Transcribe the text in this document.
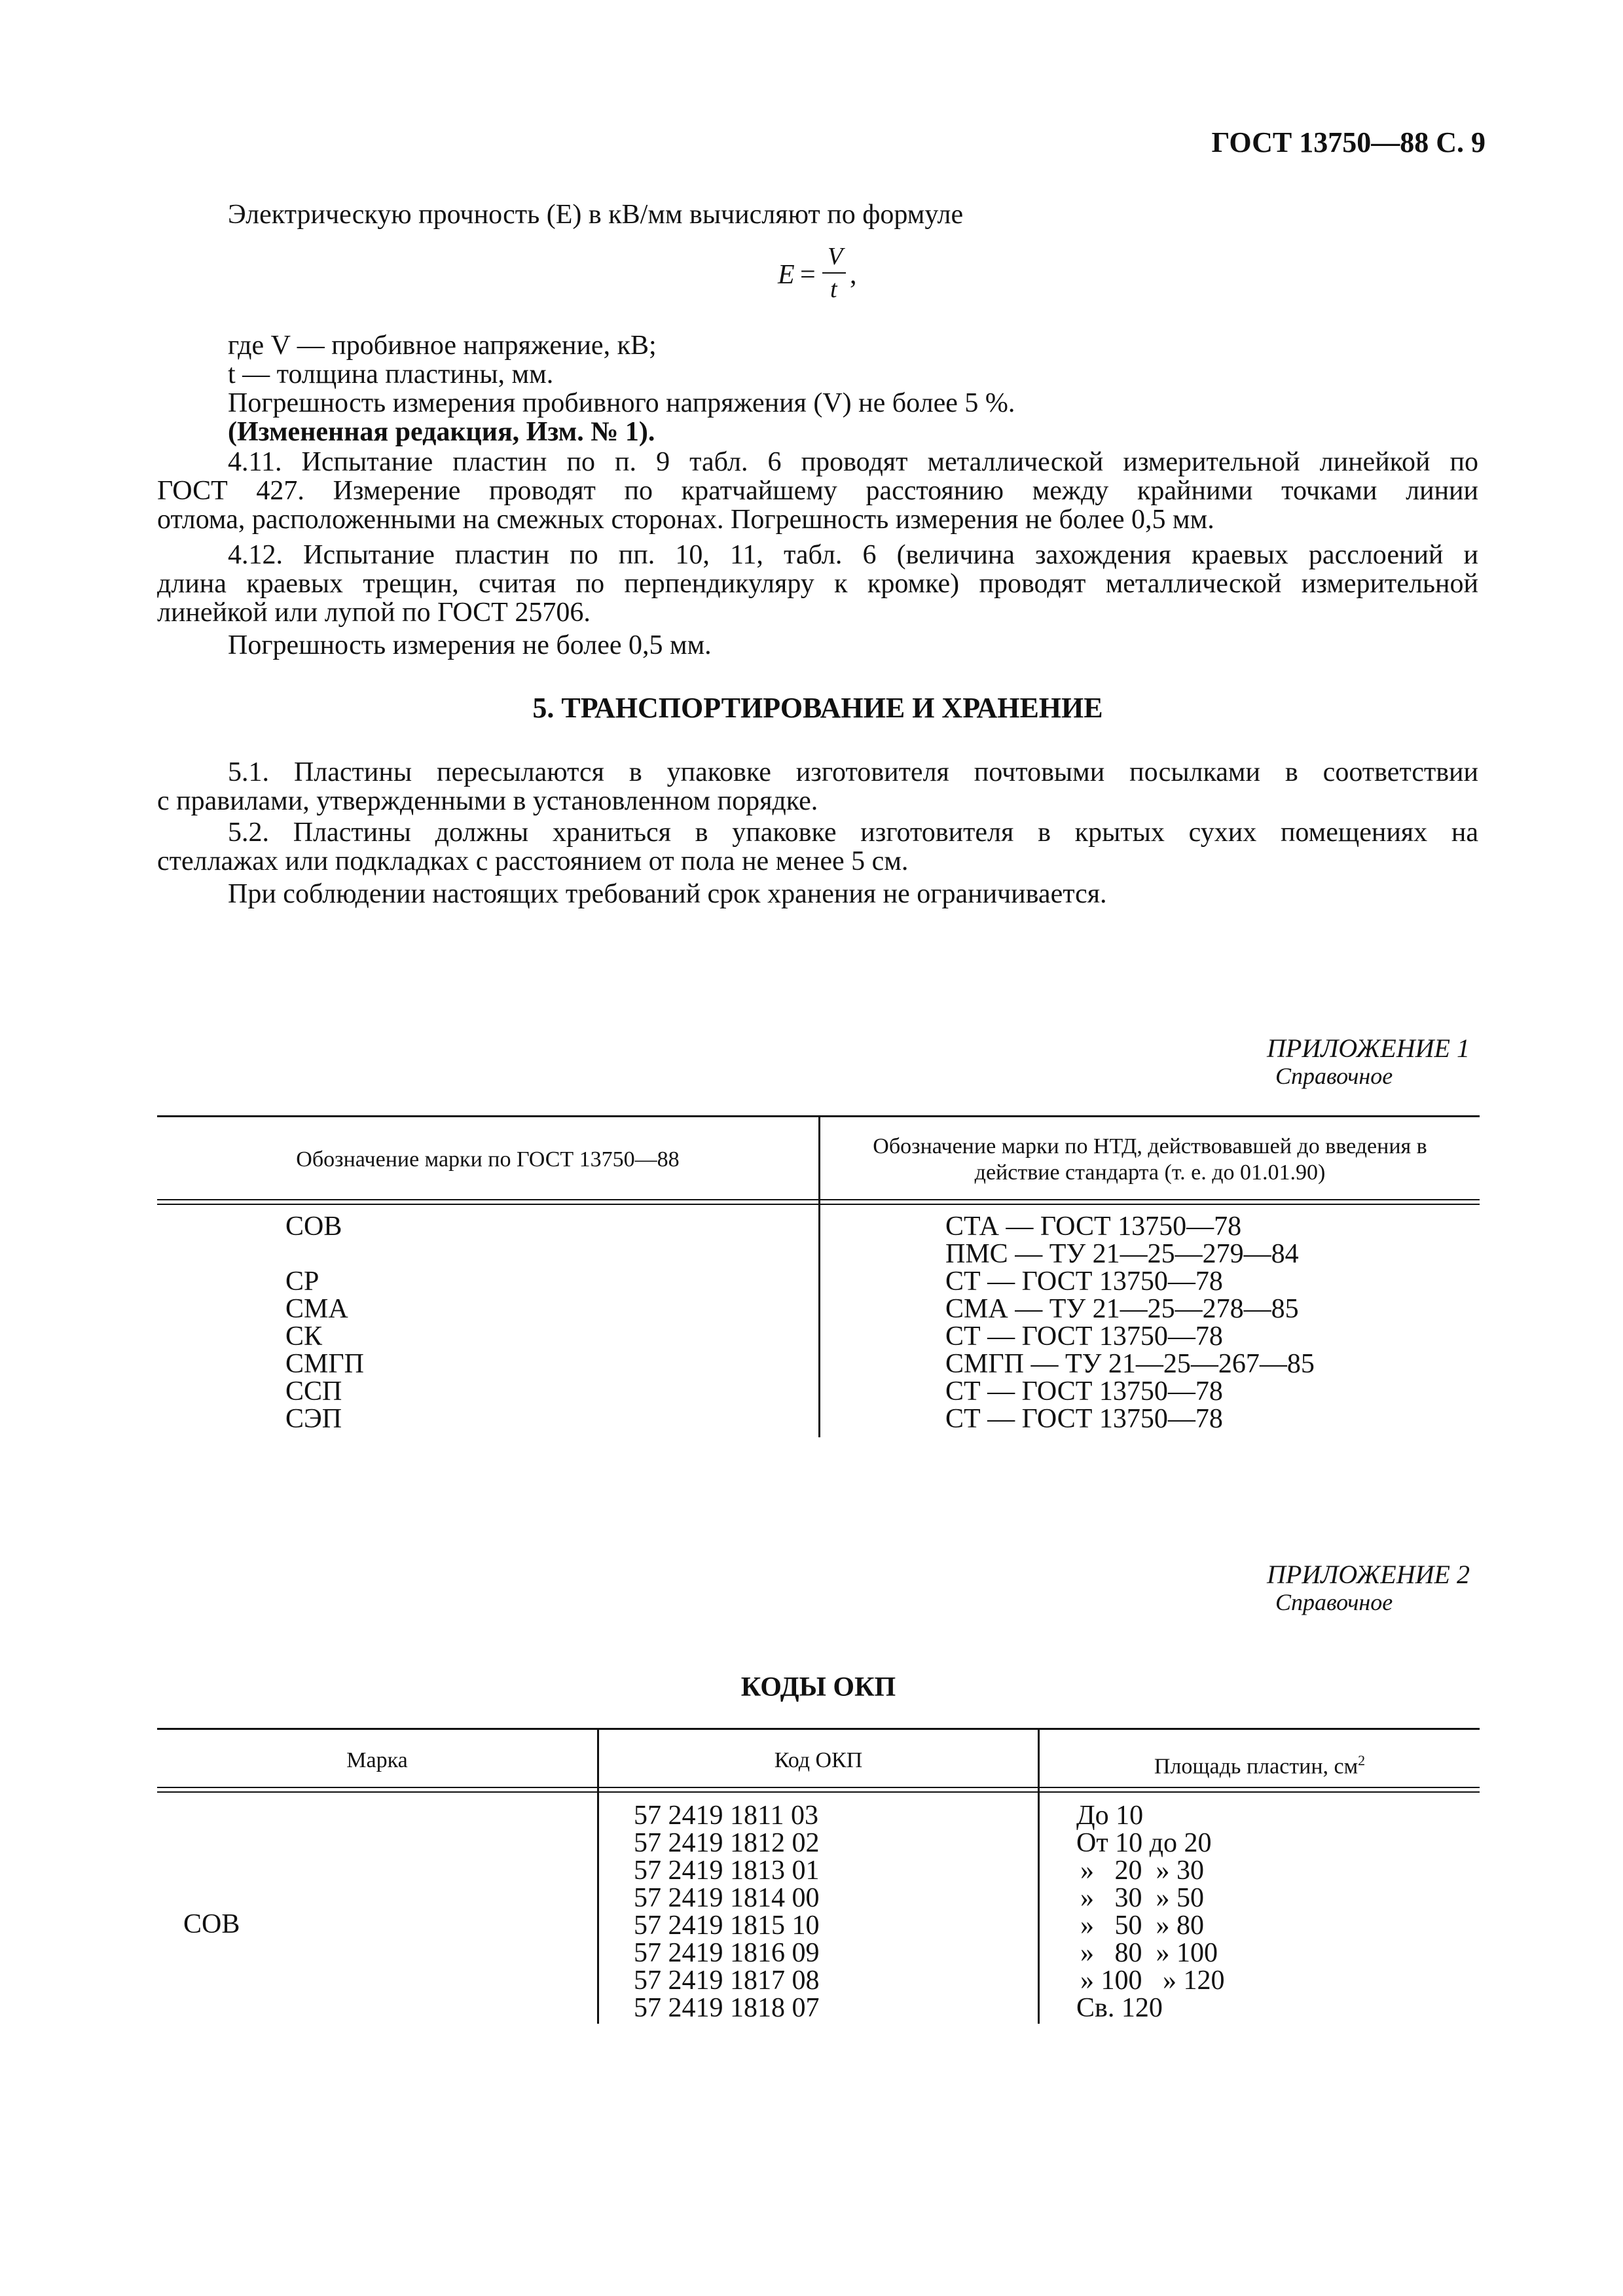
ГОСТ 13750—88 С. 9
Электрическую прочность (E) в кВ/мм вычисляют по формуле
E =
V
t ,
где V — пробивное напряжение, кВ;
t — толщина пластины, мм.
Погрешность измерения пробивного напряжения (V) не более 5 %.
(Измененная редакция, Изм. № 1).
4.11. Испытание пластин по п. 9 табл. 6 проводят металлической измерительной линейкой по
ГОСТ 427. Измерение проводят по кратчайшему расстоянию между крайними точками линии
отлома, расположенными на смежных сторонах. Погрешность измерения не более 0,5 мм.
4.12. Испытание пластин по пп. 10, 11, табл. 6 (величина захождения краевых расслоений и
длина краевых трещин, считая по перпендикуляру к кромке) проводят металлической измерительной
линейкой или лупой по ГОСТ 25706.
Погрешность измерения не более 0,5 мм.
5. ТРАНСПОРТИРОВАНИЕ И ХРАНЕНИЕ
5.1. Пластины пересылаются в упаковке изготовителя почтовыми посылками в соответствии
с правилами, утвержденными в установленном порядке.
5.2. Пластины должны храниться в упаковке изготовителя в крытых сухих помещениях на
стеллажах или подкладках с расстоянием от пола не менее 5 см.
При соблюдении настоящих требований срок хранения не ограничивается.
ПРИЛОЖЕНИЕ 1
Справочное
Обозначение марки по ГОСТ 13750—88
Обозначение марки по НТД, действовавшей до введения в
действие стандарта (т. е. до 01.01.90)
СОВ
СР
СМА
СК
СМГП
ССП
СЭП
СТА — ГОСТ 13750—78
ПМС — ТУ 21—25—279—84
СТ — ГОСТ 13750—78
СМА — ТУ 21—25—278—85
СТ — ГОСТ 13750—78
СМГП — ТУ 21—25—267—85
СТ — ГОСТ 13750—78
СТ — ГОСТ 13750—78
ПРИЛОЖЕНИЕ 2
Справочное
КОДЫ ОКП
Марка	Код ОКП	Площадь пластин, $см^2$
СОВ
57 2419 1811 03
57 2419 1812 02
57 2419 1813 01
57 2419 1814 00
57 2419 1815 10
57 2419 1816 09
57 2419 1817 08
57 2419 1818 07
До 10
От 10 до 20
»   20  » 30
»   30  » 50
»   50  » 80
»   80  » 100
» 100   » 120
Св. 120
